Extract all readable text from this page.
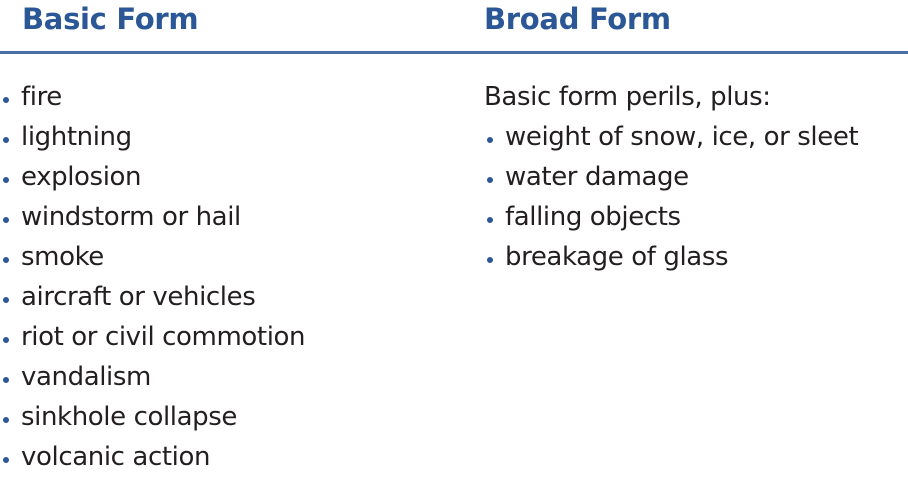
Basic Form	Broad Form
fire
lightning
explosion
windstorm or hail
smoke
aircraft or vehicles
riot or civil commotion
vandalism
sinkhole collapse
volcanic action

Basic form perils, plus:

weight of snow, ice, or sleet
water damage
falling objects
breakage of glass
